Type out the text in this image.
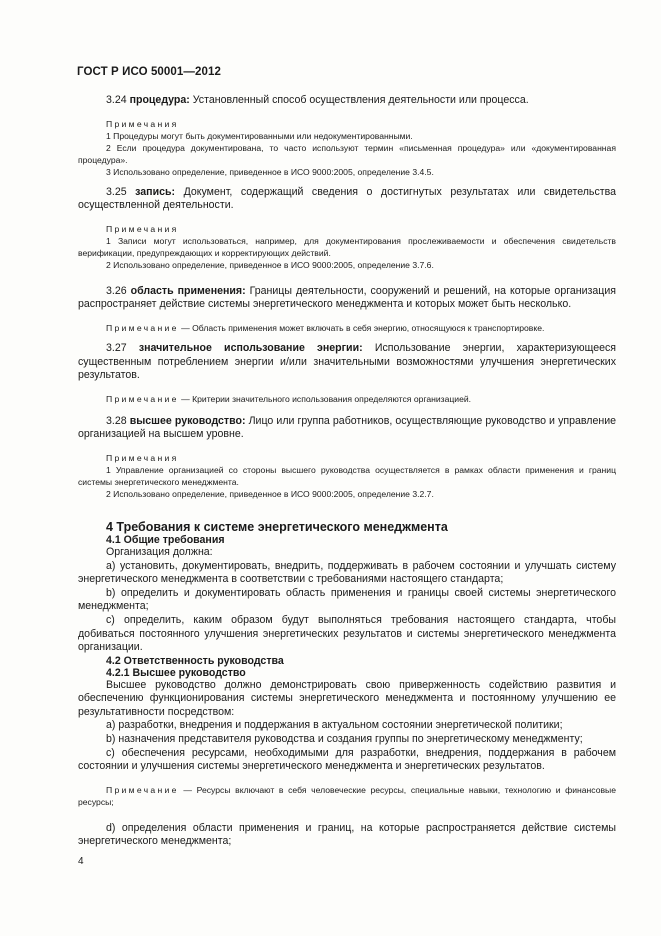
ГОСТ Р ИСО 50001—2012

3.24 процедура: Установленный способ осуществления деятельности или процесса.

Примечания

1 Процедуры могут быть документированными или недокументированными.

2 Если процедура документирована, то часто используют термин «письменная процедура» или «документированная процедура».

3 Использовано определение, приведенное в ИСО 9000:2005, определение 3.4.5.

3.25 запись: Документ, содержащий сведения о достигнутых результатах или свидетельства осуществленной деятельности.

Примечания

1 Записи могут использоваться, например, для документирования прослеживаемости и обеспечения свидетельств верификации, предупреждающих и корректирующих действий.

2 Использовано определение, приведенное в ИСО 9000:2005, определение 3.7.6.

3.26 область применения: Границы деятельности, сооружений и решений, на которые организация распространяет действие системы энергетического менеджмента и которых может быть несколько.

Примечание — Область применения может включать в себя энергию, относящуюся к транспортировке.

3.27 значительное использование энергии: Использование энергии, характеризующееся существенным потреблением энергии и/или значительными возможностями улучшения энергетических результатов.

Примечание — Критерии значительного использования определяются организацией.

3.28 высшее руководство: Лицо или группа работников, осуществляющие руководство и управление организацией на высшем уровне.

Примечания

1 Управление организацией со стороны высшего руководства осуществляется в рамках области применения и границ системы энергетического менеджмента.

2 Использовано определение, приведенное в ИСО 9000:2005, определение 3.2.7.

4 Требования к системе энергетического менеджмента

4.1 Общие требования

Организация должна:

а) установить, документировать, внедрить, поддерживать в рабочем состоянии и улучшать систему энергетического менеджмента в соответствии с требованиями настоящего стандарта;

b) определить и документировать область применения и границы своей системы энергетического менеджмента;

c) определить, каким образом будут выполняться требования настоящего стандарта, чтобы добиваться постоянного улучшения энергетических результатов и системы энергетического менеджмента организации.

4.2 Ответственность руководства

4.2.1 Высшее руководство

Высшее руководство должно демонстрировать свою приверженность содействию развития и обеспечению функционирования системы энергетического менеджмента и постоянному улучшению ее результативности посредством:

а) разработки, внедрения и поддержания в актуальном состоянии энергетической политики;

b) назначения представителя руководства и создания группы по энергетическому менеджменту;

c) обеспечения ресурсами, необходимыми для разработки, внедрения, поддержания в рабочем состоянии и улучшения системы энергетического менеджмента и энергетических результатов.

Примечание — Ресурсы включают в себя человеческие ресурсы, специальные навыки, технологию и финансовые ресурсы;

d) определения области применения и границ, на которые распространяется действие системы энергетического менеджмента;

4
